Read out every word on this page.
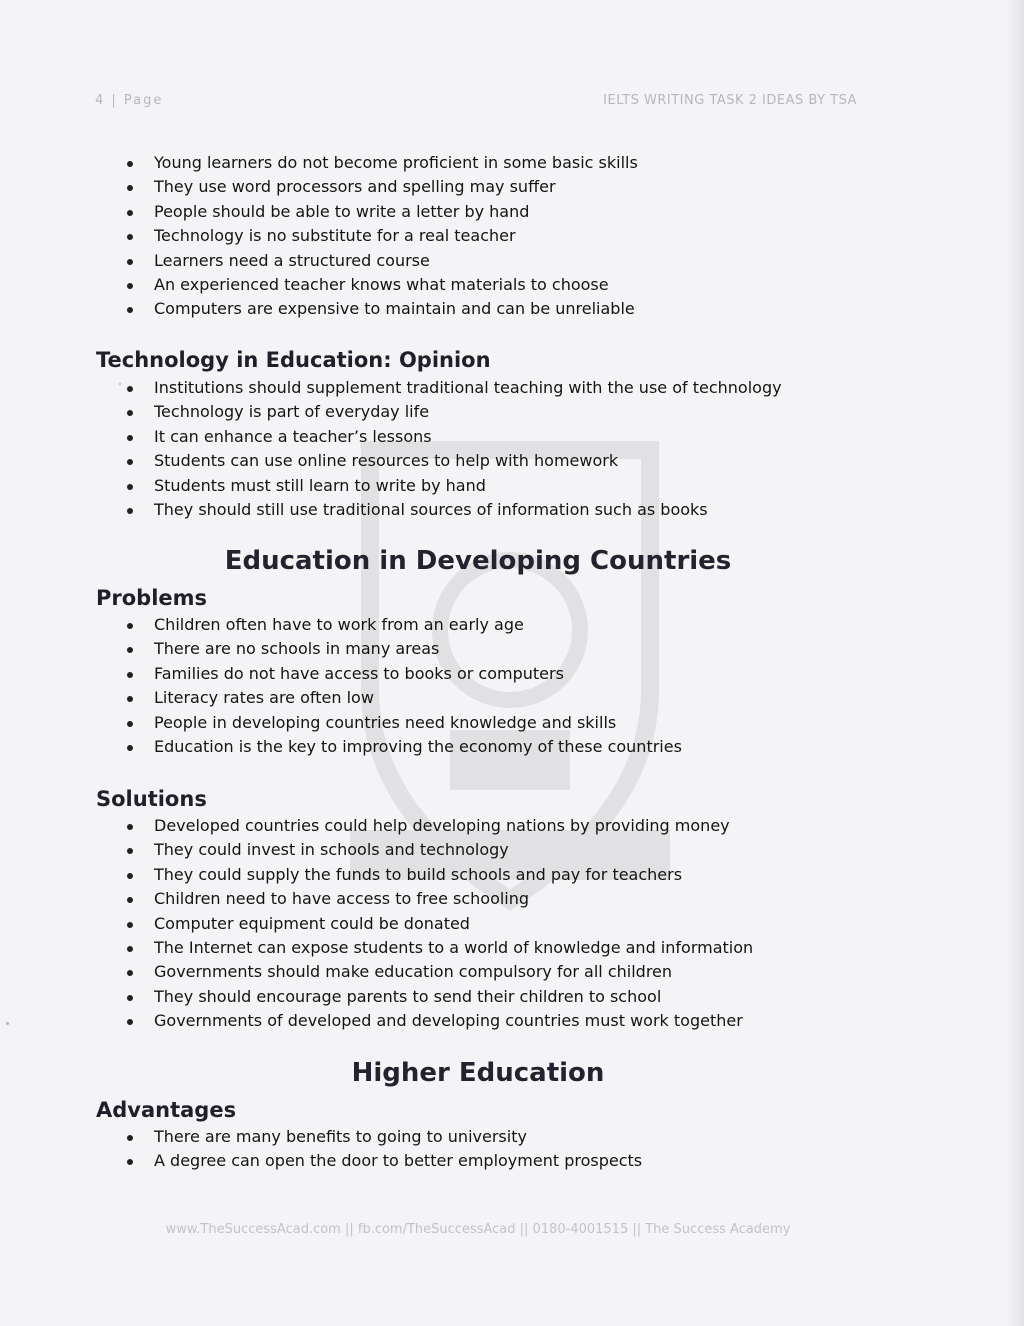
4 | Page	IELTS WRITING TASK 2 IDEAS BY TSA
Young learners do not become proficient in some basic skills
They use word processors and spelling may suffer
People should be able to write a letter by hand
Technology is no substitute for a real teacher
Learners need a structured course
An experienced teacher knows what materials to choose
Computers are expensive to maintain and can be unreliable
Technology in Education: Opinion
Institutions should supplement traditional teaching with the use of technology
Technology is part of everyday life
It can enhance a teacher’s lessons
Students can use online resources to help with homework
Students must still learn to write by hand
They should still use traditional sources of information such as books
Education in Developing Countries
Problems
Children often have to work from an early age
There are no schools in many areas
Families do not have access to books or computers
Literacy rates are often low
People in developing countries need knowledge and skills
Education is the key to improving the economy of these countries
Solutions
Developed countries could help developing nations by providing money
They could invest in schools and technology
They could supply the funds to build schools and pay for teachers
Children need to have access to free schooling
Computer equipment could be donated
The Internet can expose students to a world of knowledge and information
Governments should make education compulsory for all children
They should encourage parents to send their children to school
Governments of developed and developing countries must work together
Higher Education
Advantages
There are many benefits to going to university
A degree can open the door to better employment prospects
www.TheSuccessAcad.com || fb.com/TheSuccessAcad || 0180-4001515 || The Success Academy
